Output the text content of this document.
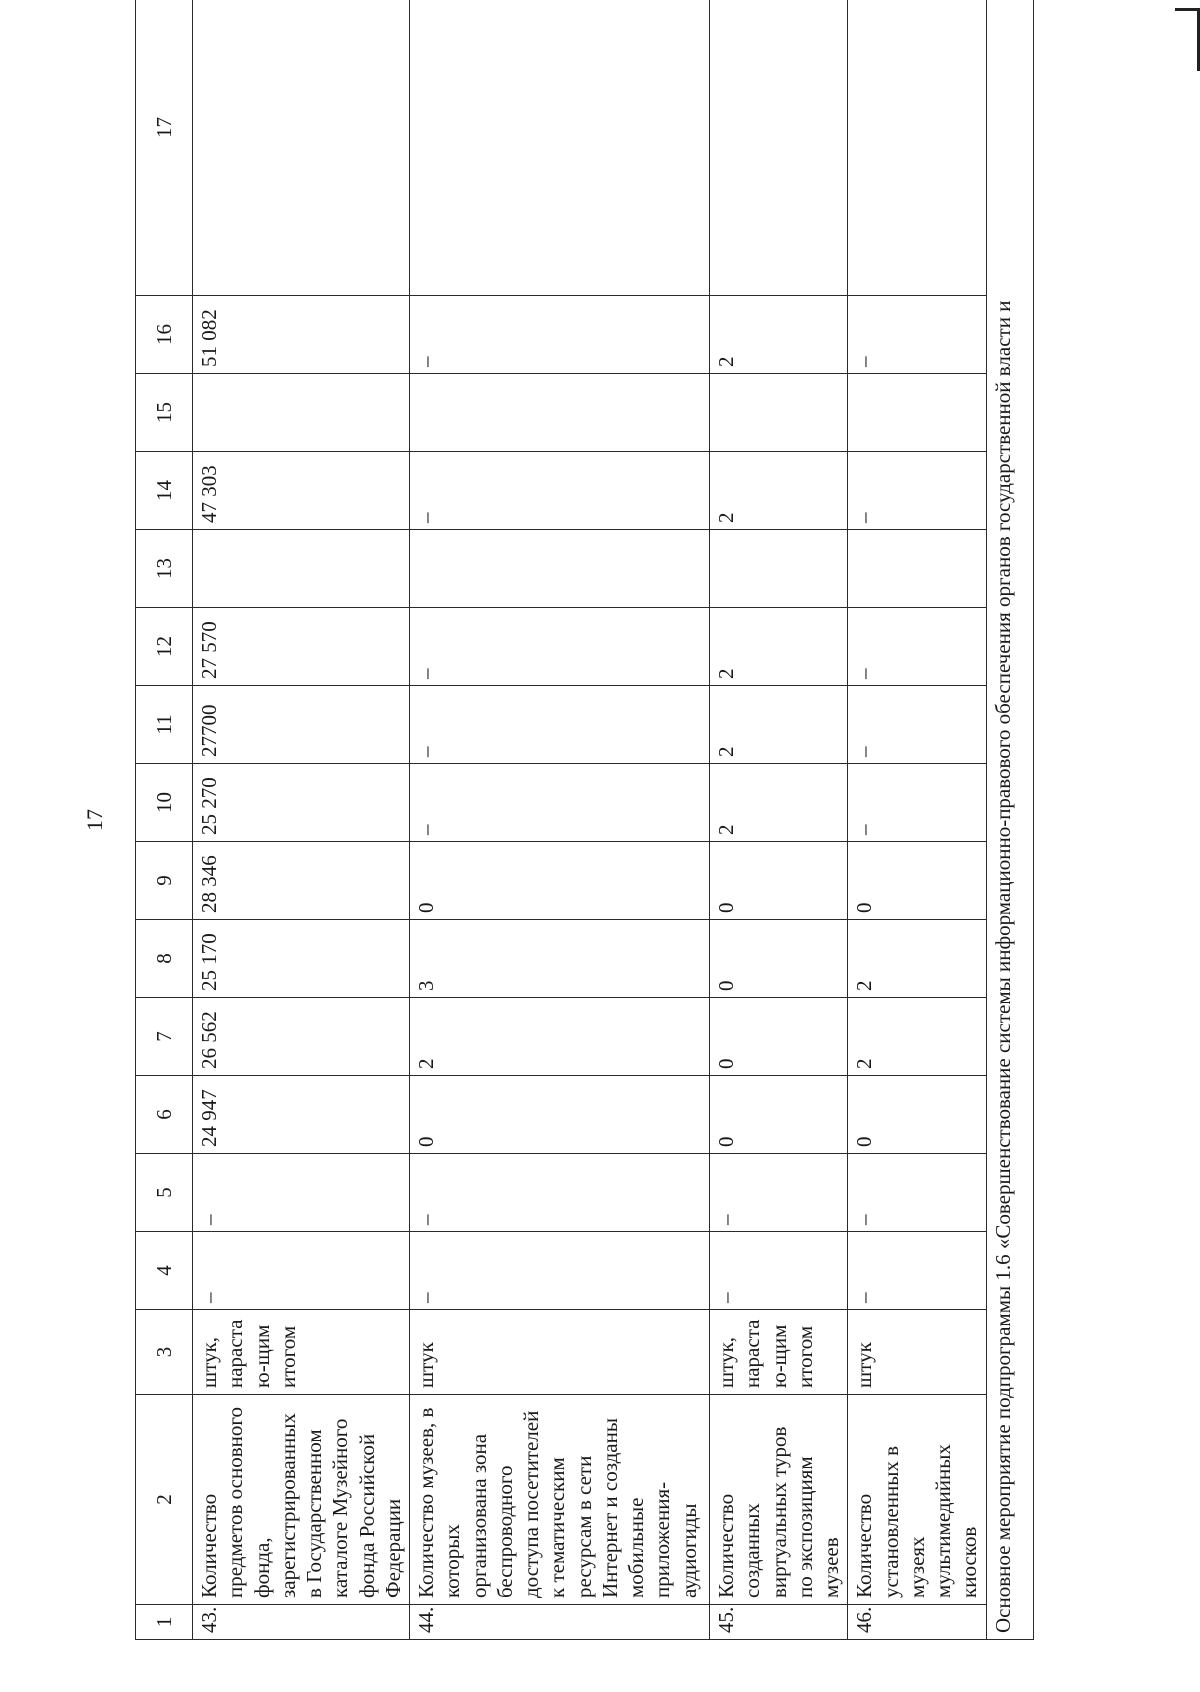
17
1	2	3	4	5	6	7	8	9	10	11	12	13	14	15	16	17
43.	Количество предметов основного фонда, зарегистрированных в Государственном каталоге Музейного фонда Российской Федерации	штук, нарастаю-щим итогом	–	–	24 947	26 562	25 170	28 346	25 270	27700	27 570		47 303		51 082	
44.	Количество музеев, в которых организована зона беспроводного доступа посетителей к тематическим ресурсам в сети Интернет и созданы мобильные приложения-аудиогиды	штук	–	–	0	2	3	0	–	–	–		–		–	
45.	Количество созданных виртуальных туров по экспозициям музеев	штук, нарастаю-щим итогом	–	–	0	0	0	0	2	2	2		2		2	
46.	Количество установленных в музеях мультимедийных киосков	штук	–	–	0	2	2	0	–	–	–		–		–	
Основное мероприятие подпрограммы 1.6 «Совершенствование системы информационно-правового обеспечения органов государственной власти и																
